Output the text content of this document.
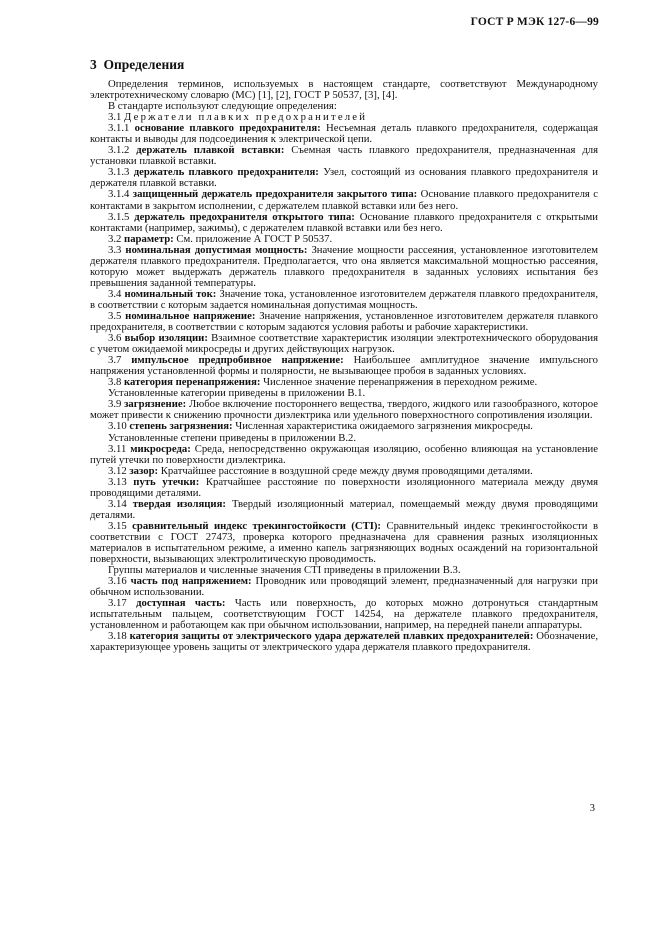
ГОСТ Р МЭК 127-6—99
3 Определения

Определения терминов, используемых в настоящем стандарте, соответствуют Международному электротехническому словарю (МС) [1], [2], ГОСТ Р 50537, [3], [4].

В стандарте используют следующие определения:

3.1 Держатели плавких предохранителей

3.1.1 основание плавкого предохранителя: Несъемная деталь плавкого предохранителя, содержащая контакты и выводы для подсоединения к электрической цепи.

3.1.2 держатель плавкой вставки: Съемная часть плавкого предохранителя, предназначенная для установки плавкой вставки.

3.1.3 держатель плавкого предохранителя: Узел, состоящий из основания плавкого предохранителя и держателя плавкой вставки.

3.1.4 защищенный держатель предохранителя закрытого типа: Основание плавкого предохранителя с контактами в закрытом исполнении, с держателем плавкой вставки или без него.

3.1.5 держатель предохранителя открытого типа: Основание плавкого предохранителя с открытыми контактами (например, зажимы), с держателем плавкой вставки или без него.

3.2 параметр: См. приложение А ГОСТ Р 50537.

3.3 номинальная допустимая мощность: Значение мощности рассеяния, установленное изготовителем держателя плавкого предохранителя. Предполагается, что она является максимальной мощностью рассеяния, которую может выдержать держатель плавкого предохранителя в заданных условиях испытания без превышения заданной температуры.

3.4 номинальный ток: Значение тока, установленное изготовителем держателя плавкого предохранителя, в соответствии с которым задается номинальная допустимая мощность.

3.5 номинальное напряжение: Значение напряжения, установленное изготовителем держателя плавкого предохранителя, в соответствии с которым задаются условия работы и рабочие характеристики.

3.6 выбор изоляции: Взаимное соответствие характеристик изоляции электротехнического оборудования с учетом ожидаемой микросреды и других действующих нагрузок.

3.7 импульсное предпробивное напряжение: Наибольшее амплитудное значение импульсного напряжения установленной формы и полярности, не вызывающее пробоя в заданных условиях.

3.8 категория перенапряжения: Численное значение перенапряжения в переходном режиме.

Установленные категории приведены в приложении В.1.

3.9 загрязнение: Любое включение постороннего вещества, твердого, жидкого или газообразного, которое может привести к снижению прочности диэлектрика или удельного поверхностного сопротивления изоляции.

3.10 степень загрязнения: Численная характеристика ожидаемого загрязнения микросреды.

Установленные степени приведены в приложении В.2.

3.11 микросреда: Среда, непосредственно окружающая изоляцию, особенно влияющая на установление путей утечки по поверхности диэлектрика.

3.12 зазор: Кратчайшее расстояние в воздушной среде между двумя проводящими деталями.

3.13 путь утечки: Кратчайшее расстояние по поверхности изоляционного материала между двумя проводящими деталями.

3.14 твердая изоляция: Твердый изоляционный материал, помещаемый между двумя проводящими деталями.

3.15 сравнительный индекс трекингостойкости (CTI): Сравнительный индекс трекингостойкости в соответствии с ГОСТ 27473, проверка которого предназначена для сравнения разных изоляционных материалов в испытательном режиме, а именно капель загрязняющих водных осаждений на горизонтальной поверхности, вызывающих электролитическую проводимость.

Группы материалов и численные значения CTI приведены в приложении В.3.

3.16 часть под напряжением: Проводник или проводящий элемент, предназначенный для нагрузки при обычном использовании.

3.17 доступная часть: Часть или поверхность, до которых можно дотронуться стандартным испытательным пальцем, соответствующим ГОСТ 14254, на держателе плавкого предохранителя, установленном и работающем как при обычном использовании, например, на передней панели аппаратуры.

3.18 категория защиты от электрического удара держателей плавких предохранителей: Обозначение, характеризующее уровень защиты от электрического удара держателя плавкого предохранителя.

3
